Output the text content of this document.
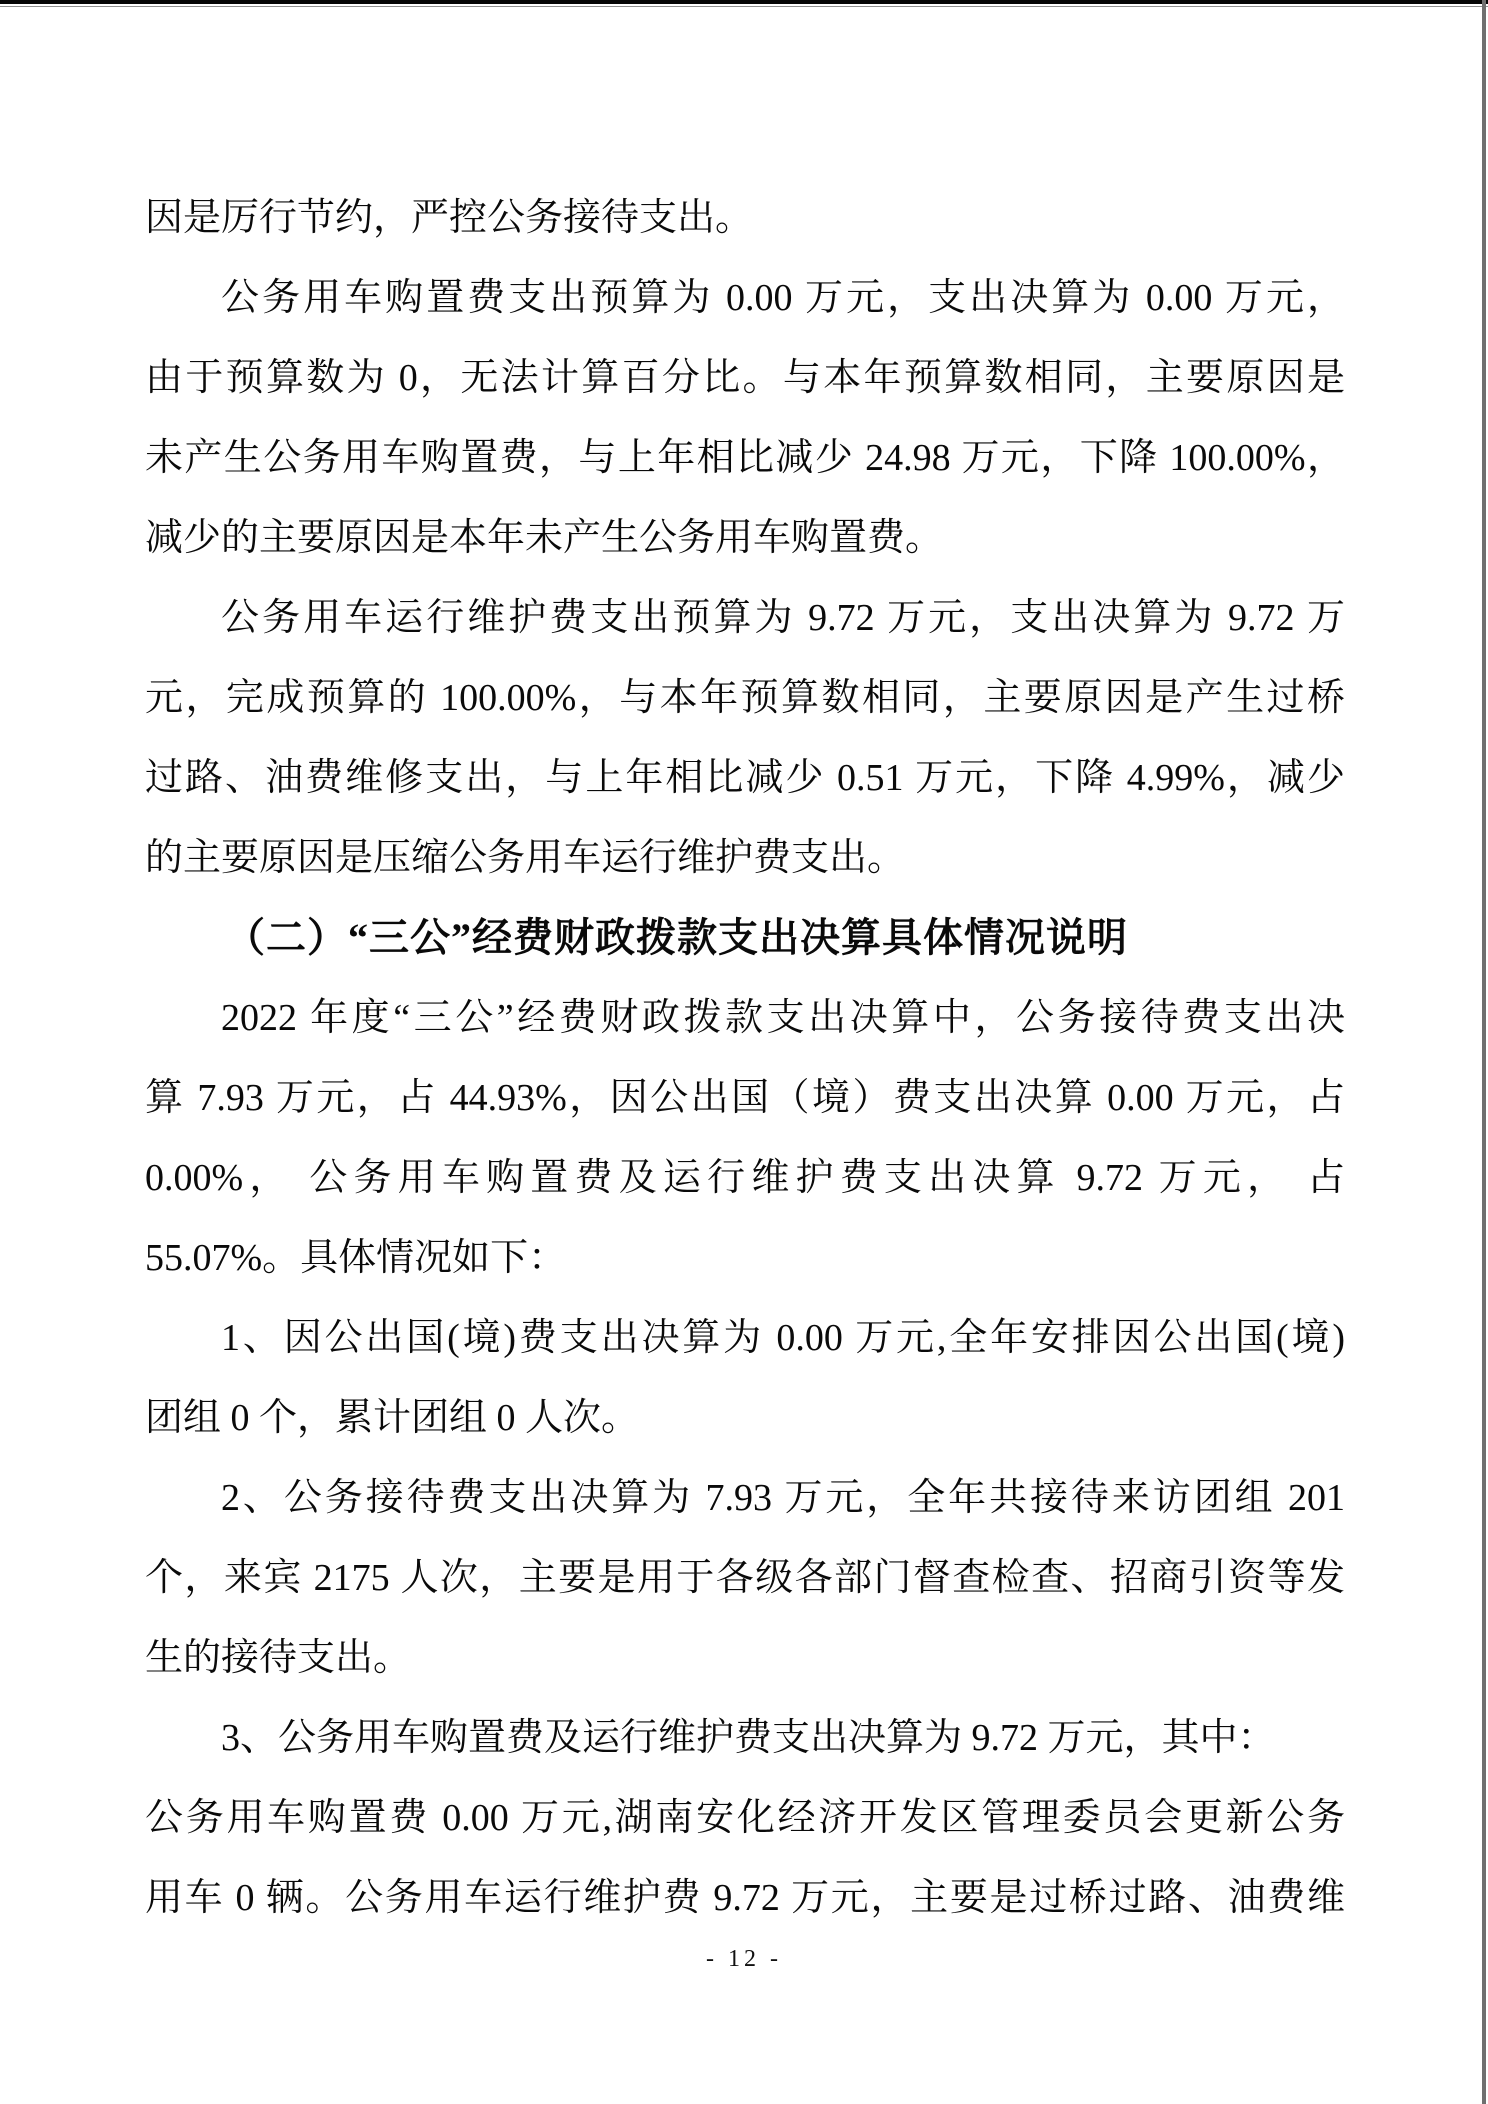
因是厉行节约，严控公务接待支出。
公务用车购置费支出预算为 0.00 万元，支出决算为 0.00 万元，
由于预算数为 0，无法计算百分比。与本年预算数相同，主要原因是
未产生公务用车购置费，与上年相比减少 24.98 万元，下降 100.00%，
减少的主要原因是本年未产生公务用车购置费。
公务用车运行维护费支出预算为 9.72 万元，支出决算为 9.72 万
元，完成预算的 100.00%，与本年预算数相同，主要原因是产生过桥
过路、油费维修支出，与上年相比减少 0.51 万元，下降 4.99%，减少
的主要原因是压缩公务用车运行维护费支出。
（二）“三公”经费财政拨款支出决算具体情况说明
2022 年度“三公”经费财政拨款支出决算中，公务接待费支出决
算 7.93 万元，占 44.93%，因公出国（境）费支出决算 0.00 万元，占
0.00%， 公务用车购置费及运行维护费支出决算 9.72 万元， 占
55.07%。具体情况如下：
1、因公出国(境)费支出决算为 0.00 万元,全年安排因公出国(境)
团组 0 个，累计团组 0 人次。
2、公务接待费支出决算为 7.93 万元，全年共接待来访团组 201
个，来宾 2175 人次，主要是用于各级各部门督查检查、招商引资等发
生的接待支出。
3、公务用车购置费及运行维护费支出决算为 9.72 万元，其中：
公务用车购置费 0.00 万元,湖南安化经济开发区管理委员会更新公务
用车 0 辆。公务用车运行维护费 9.72 万元，主要是过桥过路、油费维
- 12 -
